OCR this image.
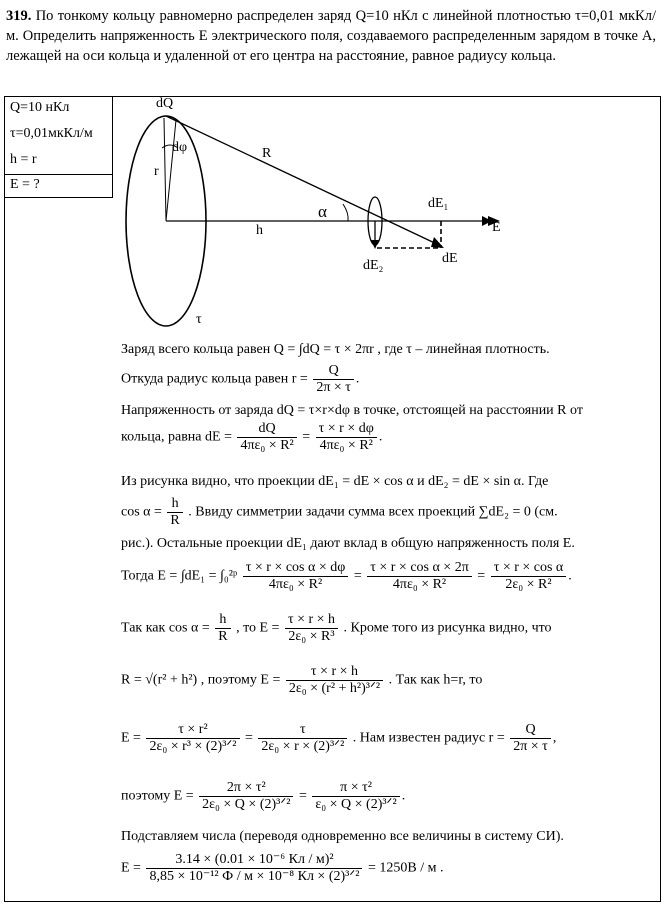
319. По тонкому кольцу равномерно распределен заряд Q=10 нКл с линейной плотностью τ=0,01 мкКл/м. Определить напряженность Е электрического поля, создаваемого распределенным зарядом в точке А, лежащей на оси кольца и удаленной от его центра на расстояние, равное радиусу кольца.
Q=10 нКл
τ=0,01мкКл/м
h = r
E = ?
dQ
dφ	R
r
α
h
dE₁
E
dE₂	dE
τ
Заряд всего кольца равен Q = ∫dQ = τ × 2πr , где τ – линейная плотность.
Откуда радиус кольца равен $r = \frac{Q}{2\pi \times \tau}$ .
Напряженность от заряда dQ = τ×r×dφ в точке, отстоящей на расстоянии R от
кольца, равна dE = $\frac{dQ}{\text{4πε₀ × R²}} = \frac{\tau \times r \times d\varphi}{\text{4πε₀ × R²}}$ .
Из рисунка видно, что проекции dE₁ = dE × cos α и dE₂ = dE × sin α. Где
$\cos \alpha = \frac{h}{R}$ . Ввиду симметрии задачи сумма всех проекций ∑dE₂ = 0 (см.
рис.). Остальные проекции dE₁ дают вклад в общую напряженность поля Е.
Тогда E = ∫dE₁ = ∫₀²ᵖ $\frac{\text{τ × r × cos α × dφ}}{\text{4πε₀ × R²}} = \frac{\text{τ × r × cos α × 2π}}{\text{4πε₀ × R²}} = \frac{\text{τ × r × cos α}}{\text{2ε₀ × R²}}$ .
Так как $\cos \alpha = \frac{h}{R}$ , то $E = \frac{\tau \times r \times h}{\text{2ε₀ × R³}}$ . Кроме того из рисунка видно, что
R = √(r² + h²) , поэтому $E = \frac{\tau \times r \times h}{\text{2ε₀ × (r² + h²)³ᐟ²}}$ . Так как h=r, то
$E = \frac{\text{τ × r²}}{\text{2ε₀ × r³ × (2)³ᐟ²}} = \frac{\tau}{\text{2ε₀ × r × (2)³ᐟ²}}$ . Нам известен радиус $r = \frac{Q}{2\pi \times \tau}$ ,
поэтому $E = \frac{\text{2π × τ²}}{\text{2ε₀ × Q × (2)³ᐟ²}} = \frac{\text{π × τ²}}{\text{ε₀ × Q × (2)³ᐟ²}}$ .
Подставляем числа (переводя одновременно все величины в систему СИ).
$E = \frac{\text{3.14 × (0.01 × 10⁻⁶ Кл / м)²}}{\text{8,85 × 10⁻¹² Ф / м × 10⁻⁸ Кл × (2)³ᐟ²}} = 1250В / м$ .
